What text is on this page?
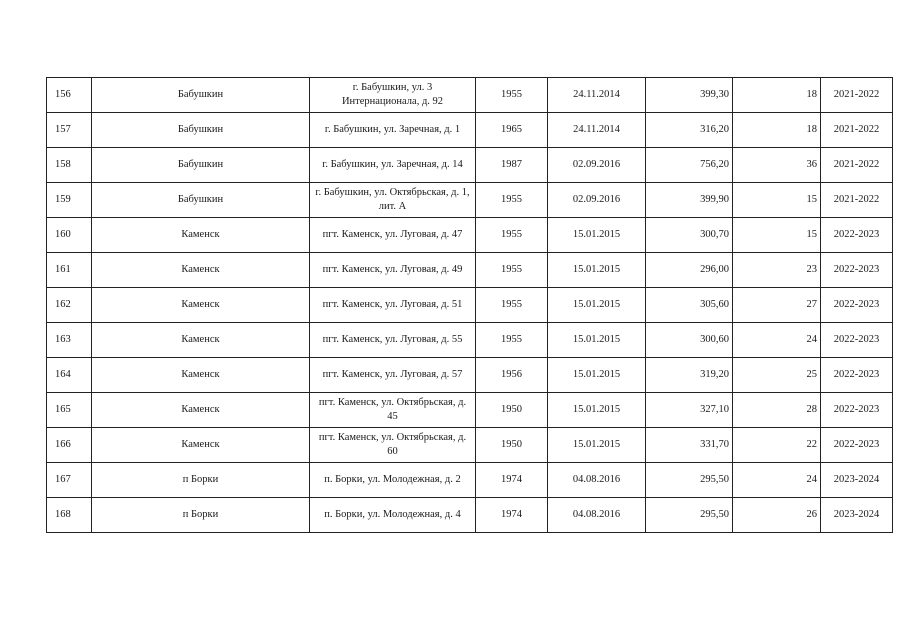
156	Бабушкин	г. Бабушкин, ул. 3 Интернационала, д. 92	1955	24.11.2014	399,30	18	2021-2022
157	Бабушкин	г. Бабушкин, ул. Заречная, д. 1	1965	24.11.2014	316,20	18	2021-2022
158	Бабушкин	г. Бабушкин, ул. Заречная, д. 14	1987	02.09.2016	756,20	36	2021-2022
159	Бабушкин	г. Бабушкин, ул. Октябрьская, д. 1, лит. А	1955	02.09.2016	399,90	15	2021-2022
160	Каменск	пгт. Каменск, ул. Луговая, д. 47	1955	15.01.2015	300,70	15	2022-2023
161	Каменск	пгт. Каменск, ул. Луговая, д. 49	1955	15.01.2015	296,00	23	2022-2023
162	Каменск	пгт. Каменск, ул. Луговая, д. 51	1955	15.01.2015	305,60	27	2022-2023
163	Каменск	пгт. Каменск, ул. Луговая, д. 55	1955	15.01.2015	300,60	24	2022-2023
164	Каменск	пгт. Каменск, ул. Луговая, д. 57	1956	15.01.2015	319,20	25	2022-2023
165	Каменск	пгт. Каменск, ул. Октябрьская, д. 45	1950	15.01.2015	327,10	28	2022-2023
166	Каменск	пгт. Каменск, ул. Октябрьская, д. 60	1950	15.01.2015	331,70	22	2022-2023
167	п Борки	п. Борки, ул. Молодежная, д. 2	1974	04.08.2016	295,50	24	2023-2024
168	п Борки	п. Борки, ул. Молодежная, д. 4	1974	04.08.2016	295,50	26	2023-2024
